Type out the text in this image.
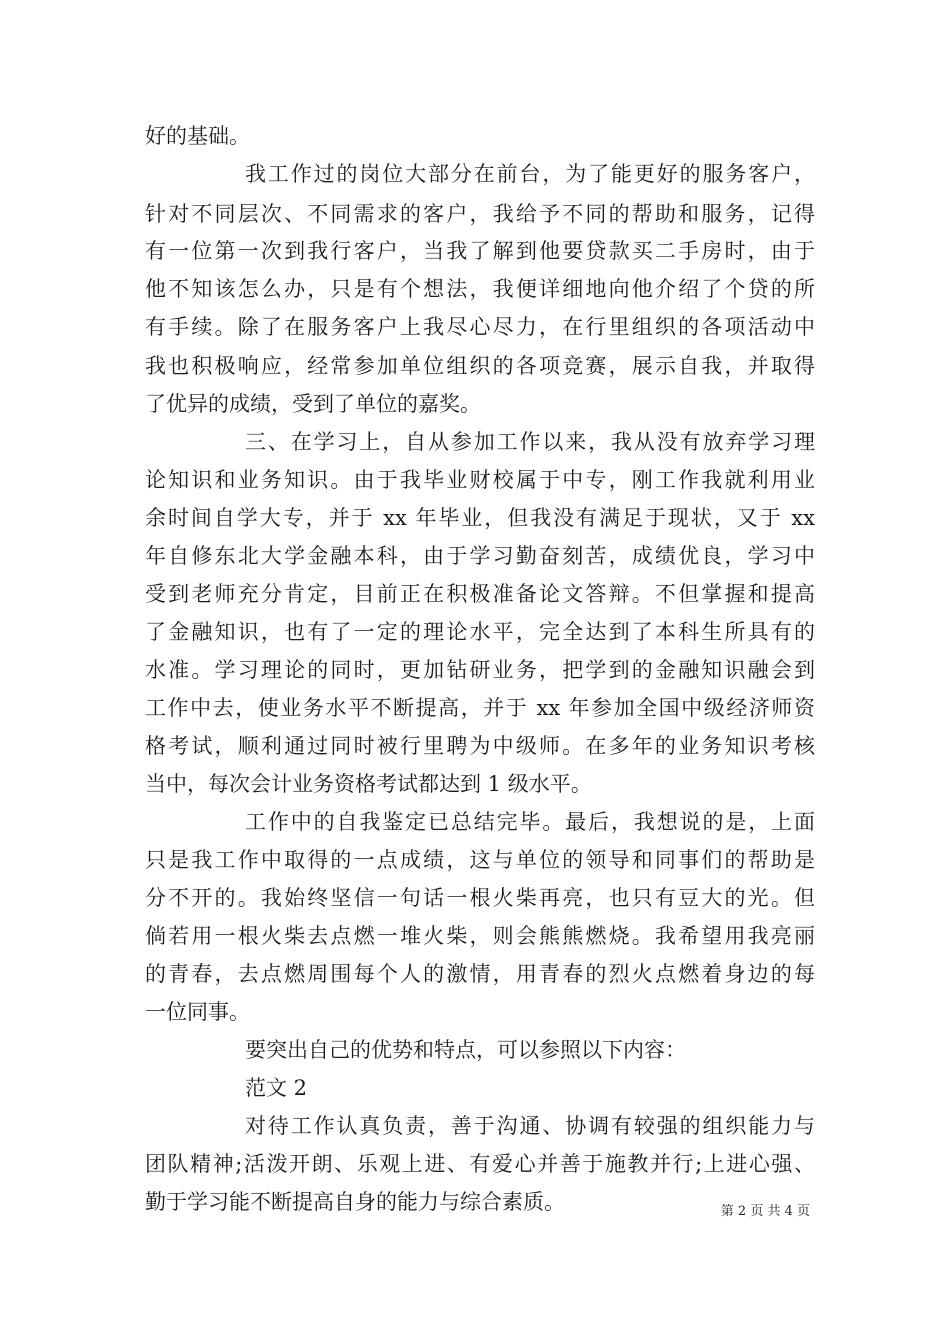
好的基础。
我工作过的岗位大部分在前台，为了能更好的服务客户，
针对不同层次、不同需求的客户，我给予不同的帮助和服务，记得
有一位第一次到我行客户，当我了解到他要贷款买二手房时，由于
他不知该怎么办，只是有个想法，我便详细地向他介绍了个贷的所
有手续。除了在服务客户上我尽心尽力，在行里组织的各项活动中
我也积极响应，经常参加单位组织的各项竞赛，展示自我，并取得
了优异的成绩，受到了单位的嘉奖。
三、在学习上，自从参加工作以来，我从没有放弃学习理
论知识和业务知识。由于我毕业财校属于中专，刚工作我就利用业
余时间自学大专，并于 xx 年毕业，但我没有满足于现状，又于 xx
年自修东北大学金融本科，由于学习勤奋刻苦，成绩优良，学习中
受到老师充分肯定，目前正在积极准备论文答辩。不但掌握和提高
了金融知识，也有了一定的理论水平，完全达到了本科生所具有的
水准。学习理论的同时，更加钻研业务，把学到的金融知识融会到
工作中去，使业务水平不断提高，并于 xx 年参加全国中级经济师资
格考试，顺利通过同时被行里聘为中级师。在多年的业务知识考核
当中，每次会计业务资格考试都达到 1 级水平。
工作中的自我鉴定已总结完毕。最后，我想说的是，上面
只是我工作中取得的一点成绩，这与单位的领导和同事们的帮助是
分不开的。我始终坚信一句话一根火柴再亮，也只有豆大的光。但
倘若用一根火柴去点燃一堆火柴，则会熊熊燃烧。我希望用我亮丽
的青春，去点燃周围每个人的激情，用青春的烈火点燃着身边的每
一位同事。
要突出自己的优势和特点，可以参照以下内容：
范文 2
对待工作认真负责，善于沟通、协调有较强的组织能力与
团队精神;活泼开朗、乐观上进、有爱心并善于施教并行;上进心强、
勤于学习能不断提高自身的能力与综合素质。	第 2 页 共 4 页
